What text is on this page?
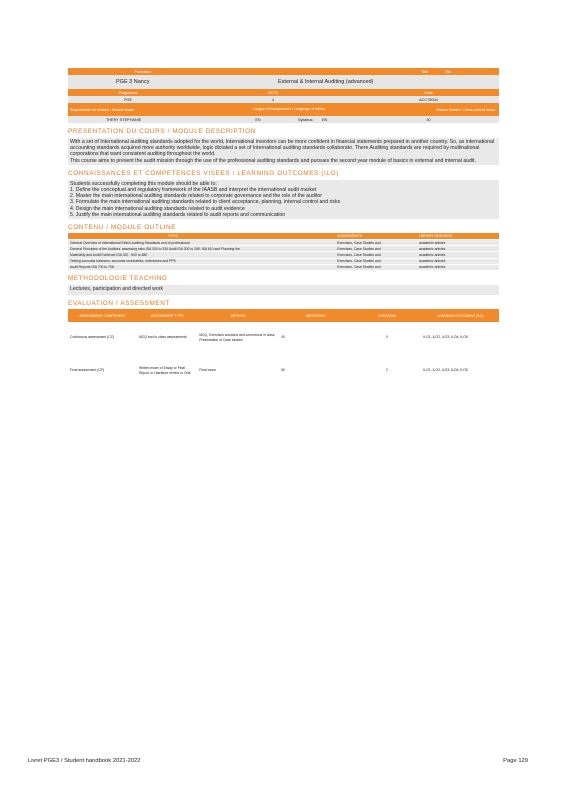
Formation	Title	Title
PGE 3 Nancy	External & Internal Auditing (advanced)
Programme	ECTS	Code
PGE	4	ACCT6004
Responsable du module / Module leader	Langue d'enseignement / Language of tuition	Volume horaire / Class contact hours
THERY STEPHANIE	EN	Syllabus:	EN	30
PRESENTATION DU COURS / MODULE DESCRIPTION

With a set of International auditing standards adopted for the world, International investors can be more confident in financial statements prepared in another country. So, as international accounting standards acquired more authority worldwide, logic dictated a set of International auditing standards collaborato. There Auditing standards are required by multinational corporations that want consistent auditing throughout the world.

This course aims to present the audit mission through the use of the professional auditing standards and pursues the second year module of basics in external and internal audit.

CONNAISSANCES ET COMPETENCES VISEES / LEARNING OUTCOMES (ILO)

Students successfully completing this module should be able to:

1. Define the conceptual and regulatory framework of the IAASB and interpret the international audit market

2. Master the main international auditing standards related to corporate governance and the role of the auditor

3. Formulate the main international auditing standards related to client acceptance, planning, internal control and risks

4. Design the main international auditing standards related to audit evidence

5. Justify the main international auditing standards related to audit reports and communication

CONTENU / MODULE OUTLINE
TOPIC	ASSIGNMENTS	LIBRARY READINGS
General Overview of International Ethics Auditing Standards and of professional	Exercises, Case Studies and	academic articles
General Principles of the Auditors' assessing risks ISA 300 to 330 Audit ISA 200 to 265, ISA 610 and Planning the	Exercises, Case Studies and	academic articles
Materiality and Audit Evidence ISA 320 - 500 to 580	Exercises, Case Studies and	academic articles
Testing accounts balances: accounts receivables, inventories and PPE	Exercises, Case Studies and	academic articles
Audit Reports ISA 700 to 706	Exercises, Case Studies and	academic articles
METHODOLOGIE TEACHING
Lectures, participation and directed work
EVALUATION / ASSESSMENT
ASSESSMENT COMPONENT	ASSESSMENT TYPE	METHOD	WEIGHTING	DURATION	LEARNING OUTCOMES (ILO)
Continuous assessment (CC)	MCQ and in-class assessments	MCQ, Exercises solutions and corrections in class, Presentation of Case studies	40	0	ILO1, ILO2, ILO3, ILO4, ILO5
Final assessment (CF)	Written exam of Essay or Final Report or Literature review or Oral	Final exam	60	2	ILO1, ILO2, ILO3, ILO4, ILO5
Livret PGE3 / Student handbook 2021-2022	Page 129
